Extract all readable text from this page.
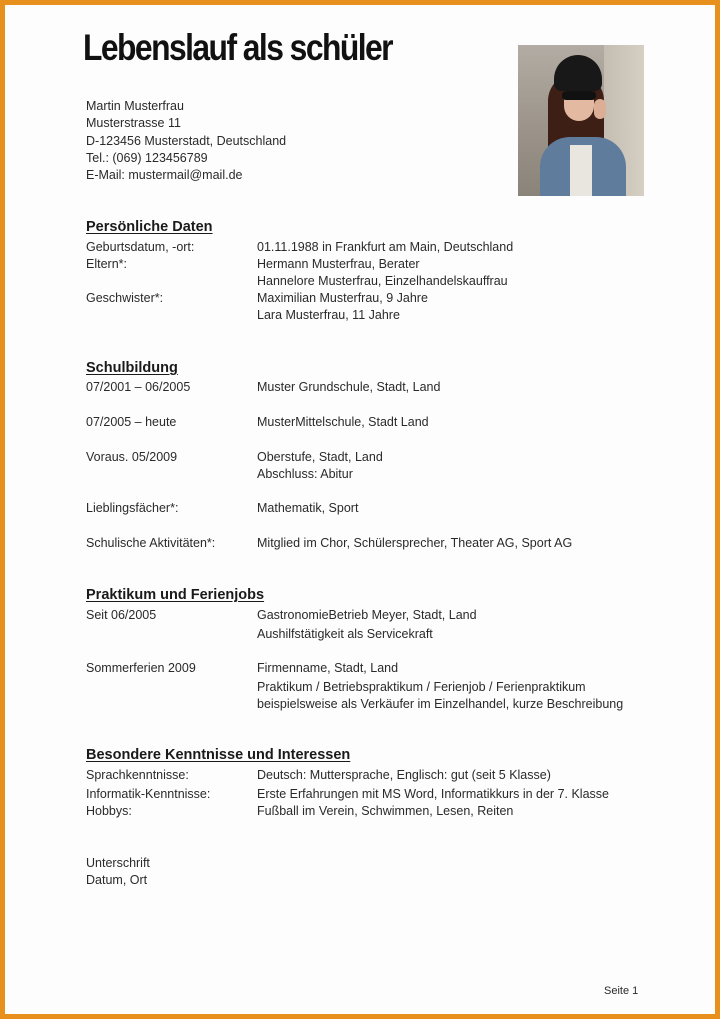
Lebenslauf als schüler
Martin Musterfrau
Musterstrasse 11
D-123456 Musterstadt, Deutschland
Tel.: (069) 123456789
E-Mail: mustermail@mail.de
Persönliche Daten
Geburtsdatum, -ort:	01.11.1988 in Frankfurt am Main, Deutschland
Eltern*:	Hermann Musterfrau, Berater
Hannelore Musterfrau, Einzelhandelskauffrau
Geschwister*:	Maximilian Musterfrau, 9 Jahre
Lara Musterfrau, 11 Jahre
Schulbildung
07/2001 – 06/2005	Muster Grundschule, Stadt, Land
07/2005 – heute	MusterMittelschule, Stadt Land
Voraus. 05/2009	Oberstufe, Stadt, Land
Abschluss: Abitur
Lieblingsfächer*:	Mathematik, Sport
Schulische Aktivitäten*:	Mitglied im Chor, Schülersprecher, Theater AG, Sport AG
Praktikum und Ferienjobs
Seit 06/2005	GastronomieBetrieb Meyer, Stadt, Land
Aushilfstätigkeit als Servicekraft
Sommerferien 2009	Firmenname, Stadt, Land
Praktikum / Betriebspraktikum / Ferienjob / Ferienpraktikum
beispielsweise als Verkäufer im Einzelhandel, kurze Beschreibung
Besondere Kenntnisse und Interessen
Sprachkenntnisse:	Deutsch: Muttersprache, Englisch: gut (seit 5 Klasse)
Informatik-Kenntnisse:	Erste Erfahrungen mit MS Word, Informatikkurs in der 7. Klasse
Hobbys:	Fußball im Verein, Schwimmen, Lesen, Reiten
Unterschrift
Datum, Ort
Seite 1
